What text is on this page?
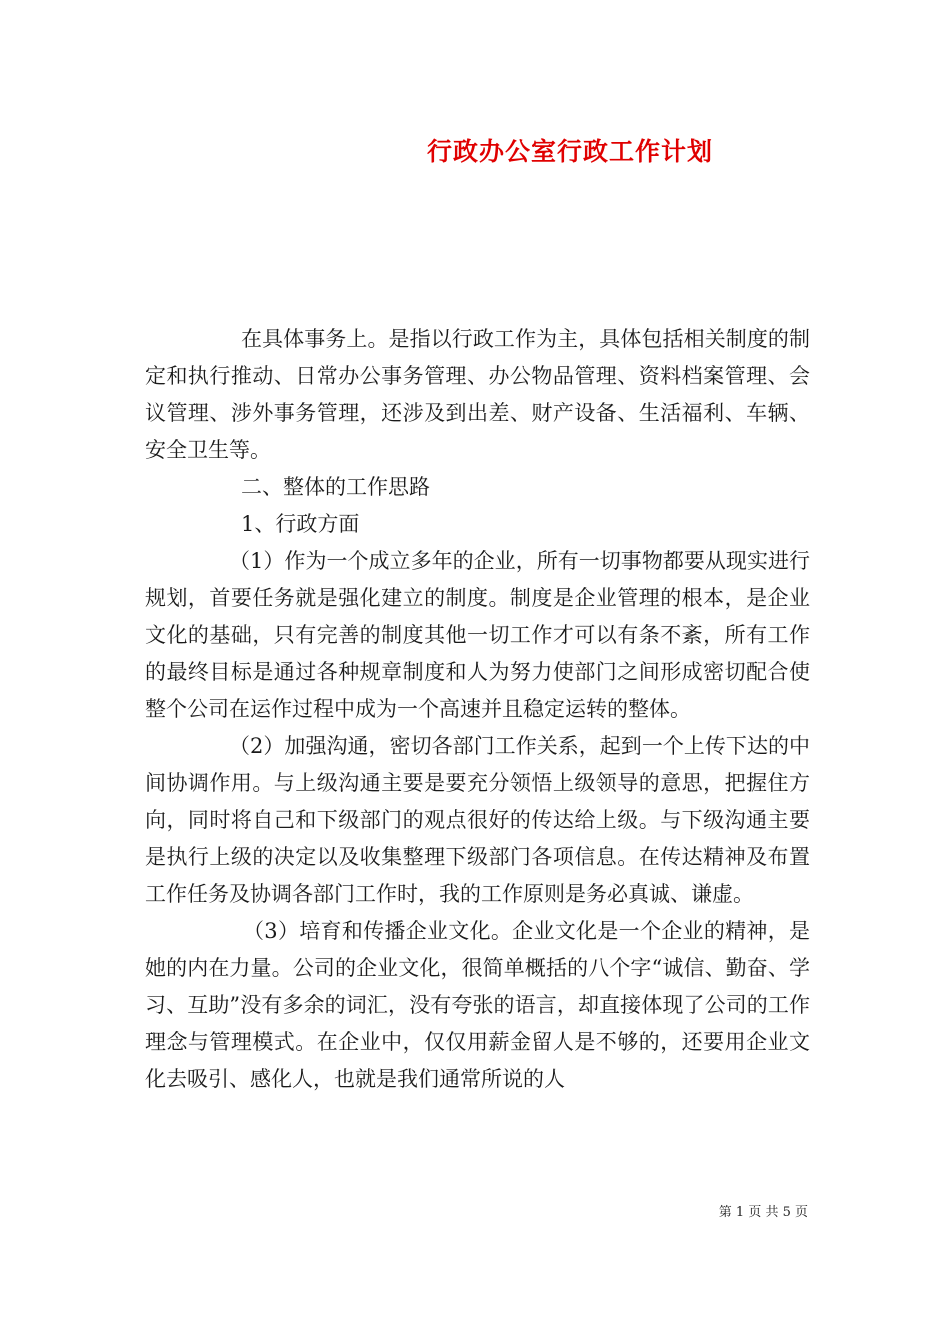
行政办公室行政工作计划

在具体事务上。是指以行政工作为主，具体包括相关制度的制定和执行推动、日常办公事务管理、办公物品管理、资料档案管理、会议管理、涉外事务管理，还涉及到出差、财产设备、生活福利、车辆、安全卫生等。

二、整体的工作思路

1、行政方面

（1）作为一个成立多年的企业，所有一切事物都要从现实进行规划，首要任务就是强化建立的制度。制度是企业管理的根本，是企业文化的基础，只有完善的制度其他一切工作才可以有条不紊，所有工作的最终目标是通过各种规章制度和人为努力使部门之间形成密切配合使整个公司在运作过程中成为一个高速并且稳定运转的整体。

（2）加强沟通，密切各部门工作关系，起到一个上传下达的中间协调作用。与上级沟通主要是要充分领悟上级领导的意思，把握住方向，同时将自己和下级部门的观点很好的传达给上级。与下级沟通主要是执行上级的决定以及收集整理下级部门各项信息。在传达精神及布置工作任务及协调各部门工作时，我的工作原则是务必真诚、谦虚。

（3）培育和传播企业文化。企业文化是一个企业的精神，是她的内在力量。公司的企业文化，很简单概括的八个字“诚信、勤奋、学习、互助”没有多余的词汇，没有夸张的语言，却直接体现了公司的工作理念与管理模式。在企业中，仅仅用薪金留人是不够的，还要用企业文化去吸引、感化人，也就是我们通常所说的人

第 1 页 共 5 页
